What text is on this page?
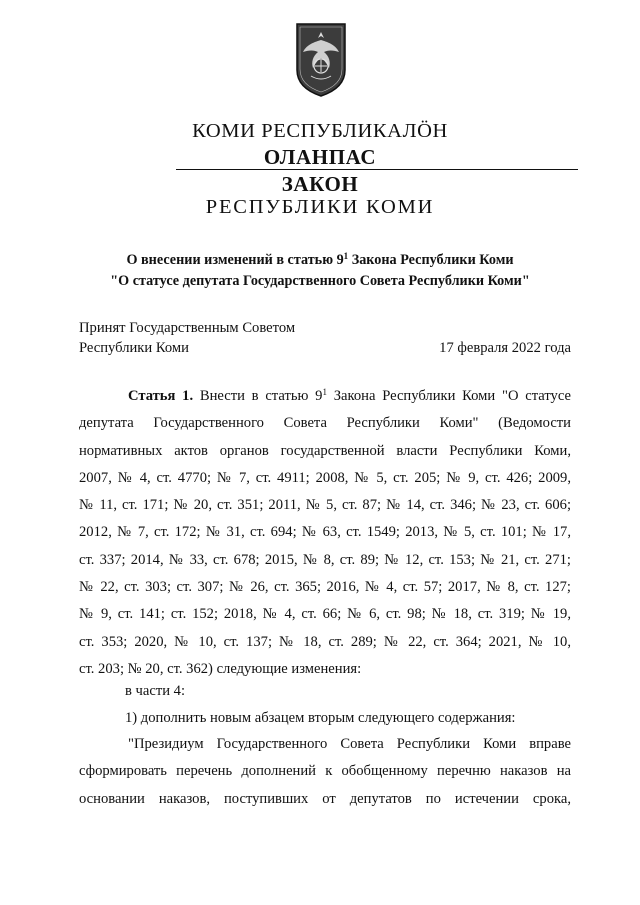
КОМИ РЕСПУБЛИКАЛӦН
ОЛАНПАС
ЗАКОН
РЕСПУБЛИКИ КОМИ
О внесении изменений в статью $9^1$ Закона Республики Коми
"О статусе депутата Государственного Совета Республики Коми"
Принят Государственным Советом
Республики Коми	17 февраля 2022 года
Статья 1. Внести в статью $9^1$ Закона Республики Коми "О статусе
депутата Государственного Совета Республики Коми" (Ведомости
нормативных актов органов государственной власти Республики Коми,
2007, № 4, ст. 4770; № 7, ст. 4911; 2008, № 5, ст. 205; № 9, ст. 426; 2009,
№ 11, ст. 171; № 20, ст. 351; 2011, № 5, ст. 87; № 14, ст. 346; № 23, ст. 606;
2012, № 7, ст. 172; № 31, ст. 694; № 63, ст. 1549; 2013, № 5, ст. 101; № 17,
ст. 337; 2014, № 33, ст. 678; 2015, № 8, ст. 89; № 12, ст. 153; № 21, ст. 271;
№ 22, ст. 303; ст. 307; № 26, ст. 365; 2016, № 4, ст. 57; 2017, № 8, ст. 127;
№ 9, ст. 141; ст. 152; 2018, № 4, ст. 66; № 6, ст. 98; № 18, ст. 319; № 19,
ст. 353; 2020, № 10, ст. 137; № 18, ст. 289; № 22, ст. 364; 2021, № 10,
ст. 203; № 20, ст. 362) следующие изменения:
в части 4:
1) дополнить новым абзацем вторым следующего содержания:
"Президиум Государственного Совета Республики Коми вправе
сформировать перечень дополнений к обобщенному перечню наказов на
основании наказов, поступивших от депутатов по истечении срока,
